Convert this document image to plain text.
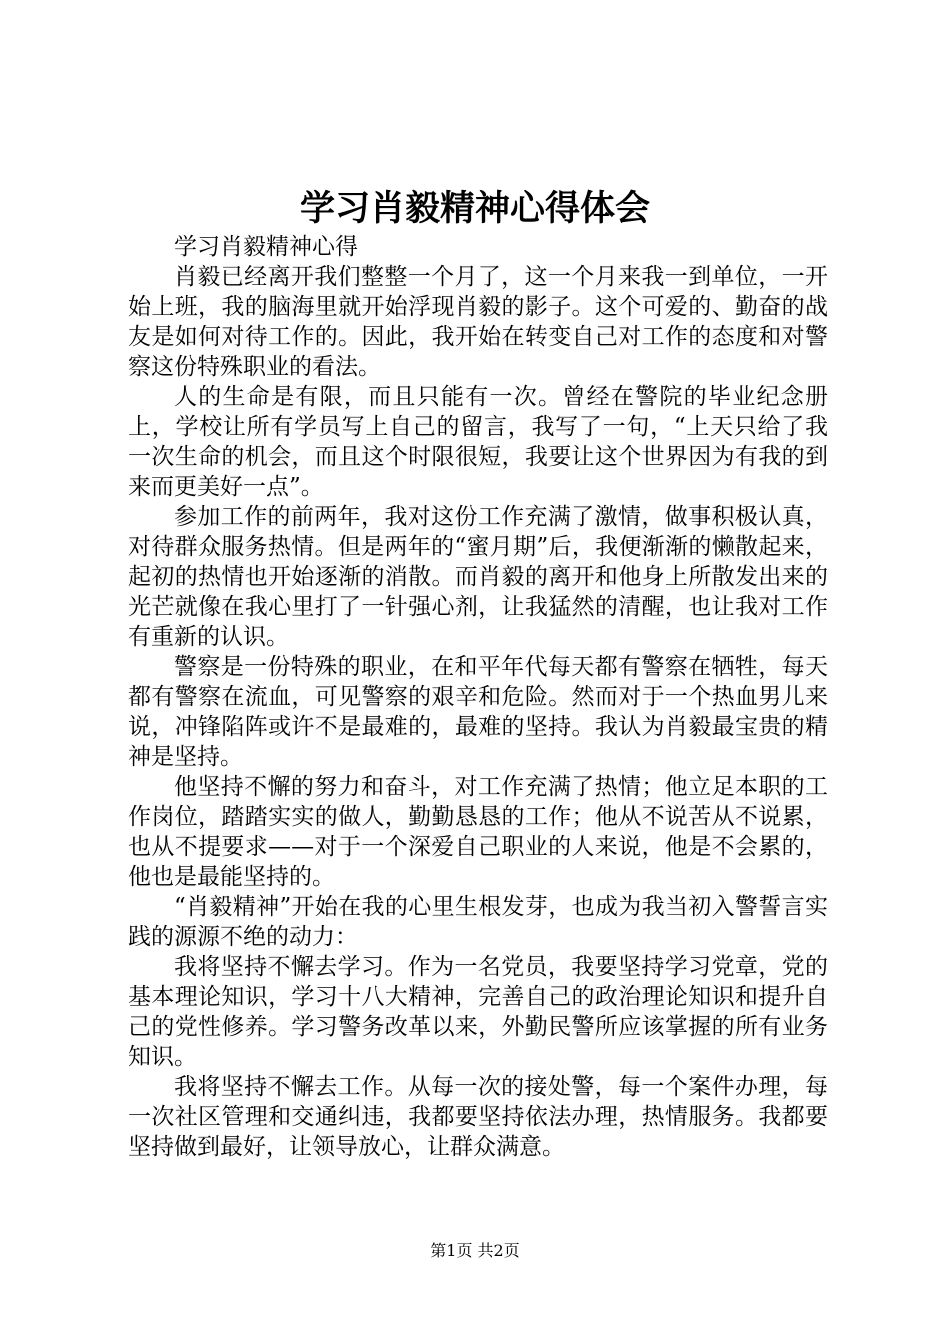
学习肖毅精神心得体会

学习肖毅精神心得

肖毅已经离开我们整整一个月了，这一个月来我一到单位，一开始上班，我的脑海里就开始浮现肖毅的影子。这个可爱的、勤奋的战友是如何对待工作的。因此，我开始在转变自己对工作的态度和对警察这份特殊职业的看法。

人的生命是有限，而且只能有一次。曾经在警院的毕业纪念册上，学校让所有学员写上自己的留言，我写了一句，“上天只给了我一次生命的机会，而且这个时限很短，我要让这个世界因为有我的到来而更美好一点”。

参加工作的前两年，我对这份工作充满了激情，做事积极认真，对待群众服务热情。但是两年的“蜜月期”后，我便渐渐的懒散起来，起初的热情也开始逐渐的消散。而肖毅的离开和他身上所散发出来的光芒就像在我心里打了一针强心剂，让我猛然的清醒，也让我对工作有重新的认识。

警察是一份特殊的职业，在和平年代每天都有警察在牺牲，每天都有警察在流血，可见警察的艰辛和危险。然而对于一个热血男儿来说，冲锋陷阵或许不是最难的，最难的坚持。我认为肖毅最宝贵的精神是坚持。

他坚持不懈的努力和奋斗，对工作充满了热情；他立足本职的工作岗位，踏踏实实的做人，勤勤恳恳的工作；他从不说苦从不说累，也从不提要求——对于一个深爱自己职业的人来说，他是不会累的，他也是最能坚持的。

“肖毅精神”开始在我的心里生根发芽，也成为我当初入警誓言实践的源源不绝的动力：

我将坚持不懈去学习。作为一名党员，我要坚持学习党章，党的基本理论知识，学习十八大精神，完善自己的政治理论知识和提升自己的党性修养。学习警务改革以来，外勤民警所应该掌握的所有业务知识。

我将坚持不懈去工作。从每一次的接处警，每一个案件办理，每一次社区管理和交通纠违，我都要坚持依法办理，热情服务。我都要坚持做到最好，让领导放心，让群众满意。

第1页 共2页
